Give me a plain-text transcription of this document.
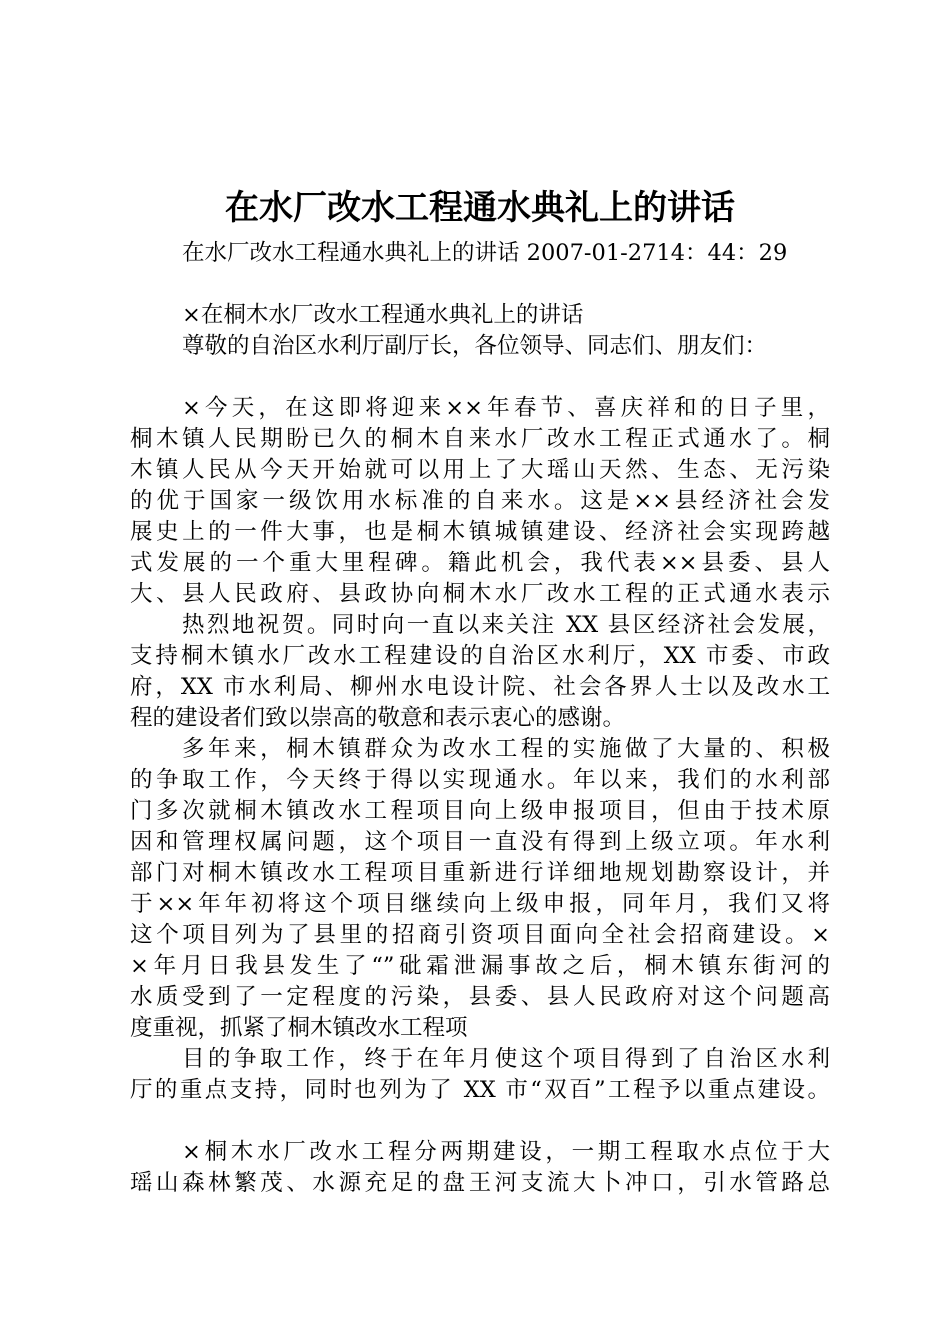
在水厂改水工程通水典礼上的讲话
在水厂改水工程通水典礼上的讲话 2007-01-2714：44：29
×在桐木水厂改水工程通水典礼上的讲话
尊敬的自治区水利厅副厅长，各位领导、同志们、朋友们：
×今天，在这即将迎来××年春节、喜庆祥和的日子里，
桐木镇人民期盼已久的桐木自来水厂改水工程正式通水了。桐
木镇人民从今天开始就可以用上了大瑶山天然、生态、无污染
的优于国家一级饮用水标准的自来水。这是××县经济社会发
展史上的一件大事，也是桐木镇城镇建设、经济社会实现跨越
式发展的一个重大里程碑。籍此机会，我代表××县委、县人
大、县人民政府、县政协向桐木水厂改水工程的正式通水表示
热烈地祝贺。同时向一直以来关注 XX 县区经济社会发展，
支持桐木镇水厂改水工程建设的自治区水利厅，XX 市委、市政
府，XX 市水利局、柳州水电设计院、社会各界人士以及改水工
程的建设者们致以崇高的敬意和表示衷心的感谢。
多年来，桐木镇群众为改水工程的实施做了大量的、积极
的争取工作，今天终于得以实现通水。年以来，我们的水利部
门多次就桐木镇改水工程项目向上级申报项目，但由于技术原
因和管理权属问题，这个项目一直没有得到上级立项。年水利
部门对桐木镇改水工程项目重新进行详细地规划勘察设计，并
于××年年初将这个项目继续向上级申报，同年月，我们又将
这个项目列为了县里的招商引资项目面向全社会招商建设。×
×年月日我县发生了“”砒霜泄漏事故之后，桐木镇东街河的
水质受到了一定程度的污染，县委、县人民政府对这个问题高
度重视，抓紧了桐木镇改水工程项
目的争取工作，终于在年月使这个项目得到了自治区水利
厅的重点支持，同时也列为了 XX 市“双百”工程予以重点建设。
×桐木水厂改水工程分两期建设，一期工程取水点位于大
瑶山森林繁茂、水源充足的盘王河支流大卜冲口，引水管路总
